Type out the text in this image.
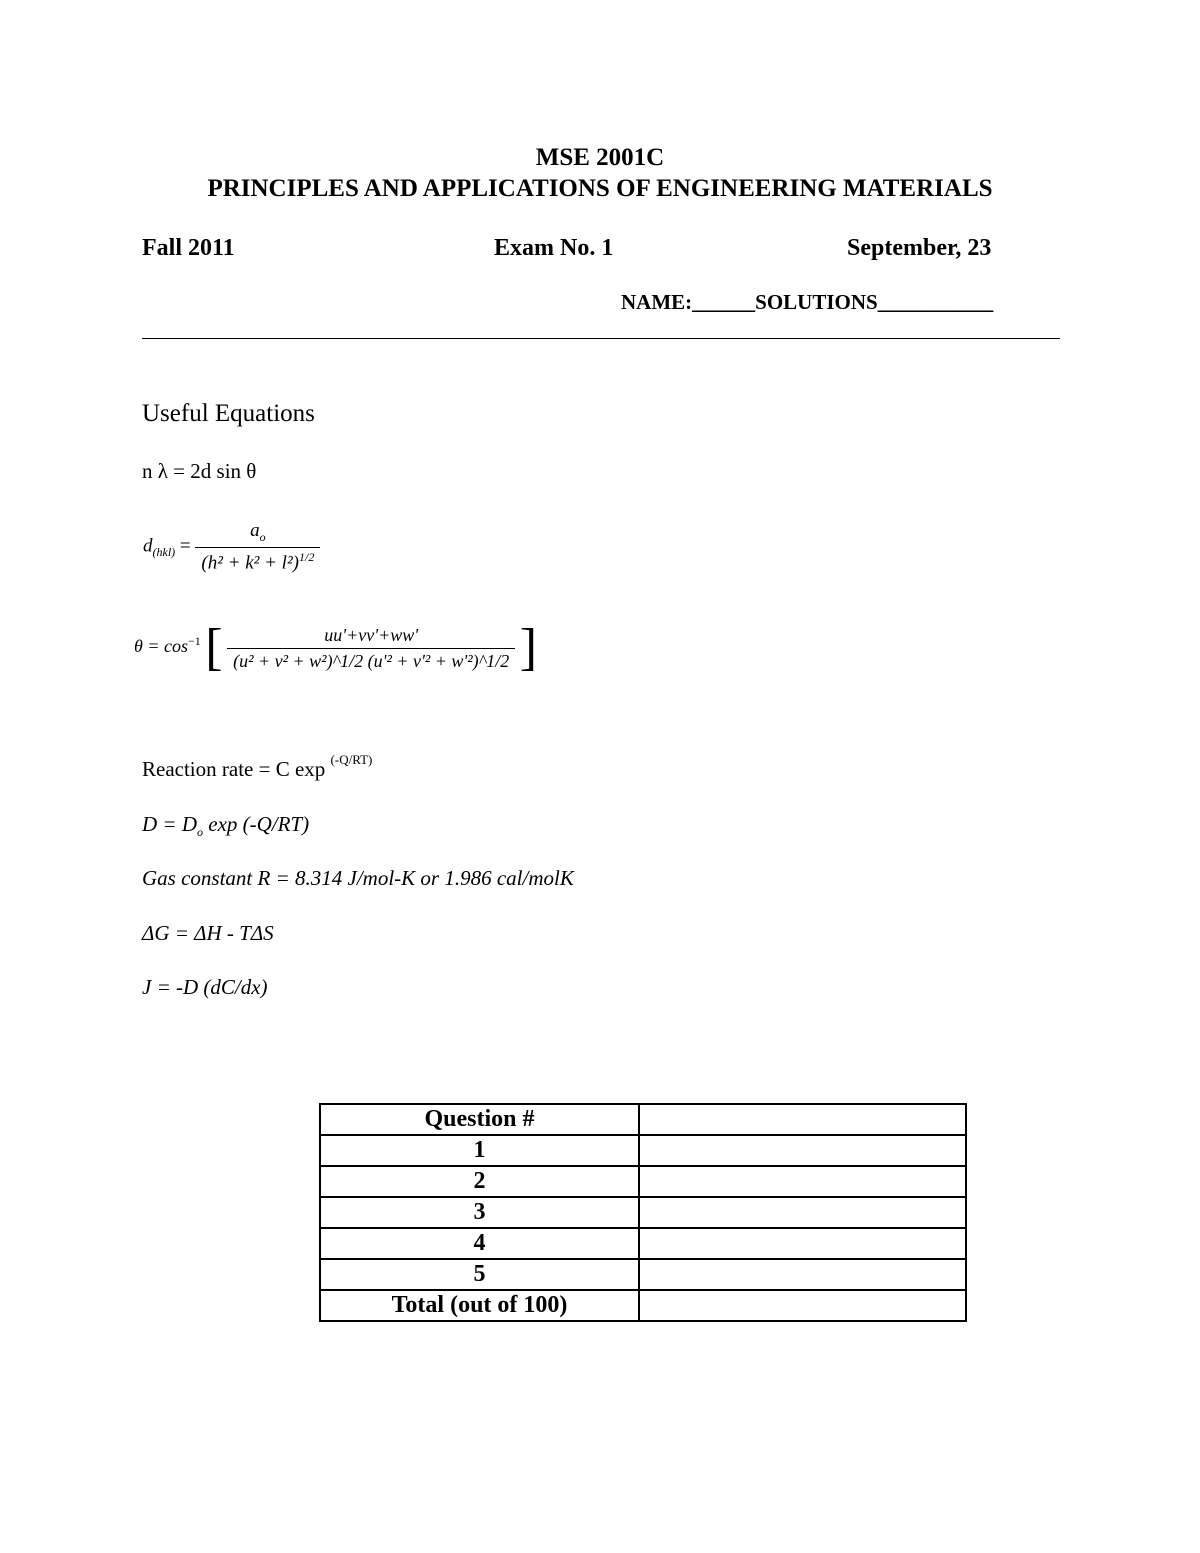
MSE 2001C
PRINCIPLES AND APPLICATIONS OF ENGINEERING MATERIALS
Fall 2011	Exam No. 1	September, 23
NAME:______SOLUTIONS___________
Useful Equations
n λ = 2d sin θ
$d_{(hkl)} = \frac{a_o}{(h^2 + k^2 + l^2)^{1/2}}$
$\theta = \cos^{-1}$ [ $\frac{uu'+vv'+ww'}{\text{(u² + v² + w²)\textasciicircum{}1/2 (u'² + v'² + w'²)\textasciicircum{}1/2}}$ ]
Reaction rate = C exp $^{(-Q/RT)}$
$D = D_o$ exp (-Q/RT)
Gas constant R = 8.314 J/mol-K or 1.986 cal/molK
ΔG = ΔH - TΔS
J = -D (dC/dx)
Question #	
1	
2	
3	
4	
5	
Total (out of 100)	
